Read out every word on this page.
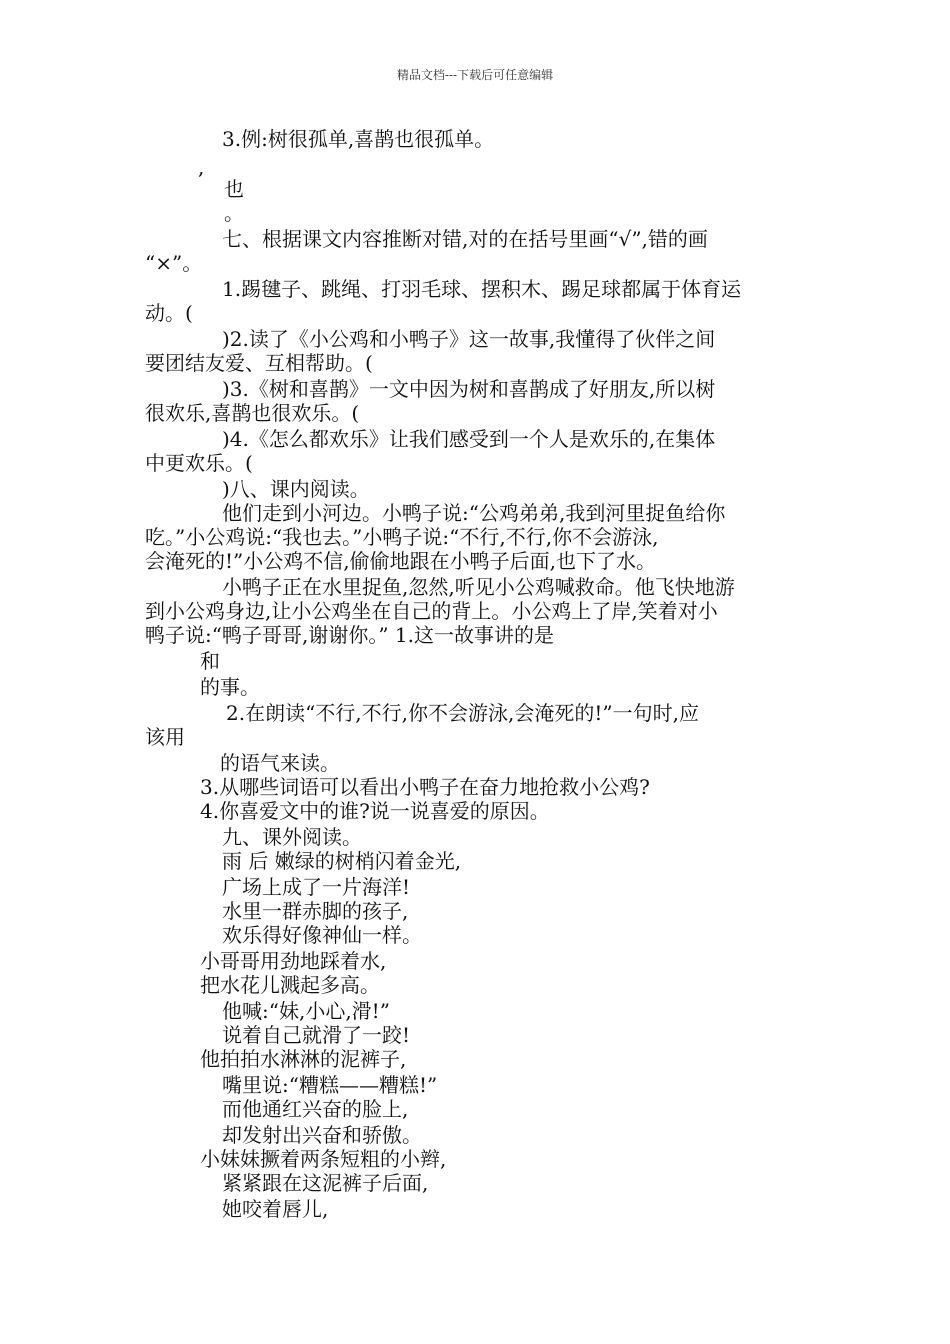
精品文档---下载后可任意编辑
3.例:树很孤单,喜鹊也很孤单。
,
也
。
七、根据课文内容推断对错,对的在括号里画“√”,错的画
“×”。
1.踢毽子、跳绳、打羽毛球、摆积木、踢足球都属于体育运
动。(
)2.读了《小公鸡和小鸭子》这一故事,我懂得了伙伴之间
要团结友爱、互相帮助。(
)3.《树和喜鹊》一文中因为树和喜鹊成了好朋友,所以树
很欢乐,喜鹊也很欢乐。(
)4.《怎么都欢乐》让我们感受到一个人是欢乐的,在集体
中更欢乐。(
)八、课内阅读。
他们走到小河边。小鸭子说:“公鸡弟弟,我到河里捉鱼给你
吃。”小公鸡说:“我也去。”小鸭子说:“不行,不行,你不会游泳,
会淹死的!”小公鸡不信,偷偷地跟在小鸭子后面,也下了水。
小鸭子正在水里捉鱼,忽然,听见小公鸡喊救命。他飞快地游
到小公鸡身边,让小公鸡坐在自己的背上。小公鸡上了岸,笑着对小
鸭子说:“鸭子哥哥,谢谢你。” 1.这一故事讲的是
和
的事。
2.在朗读“不行,不行,你不会游泳,会淹死的!”一句时,应
该用
的语气来读。
3.从哪些词语可以看出小鸭子在奋力地抢救小公鸡?
4.你喜爱文中的谁?说一说喜爱的原因。
九、课外阅读。
雨 后 嫩绿的树梢闪着金光,
广场上成了一片海洋!
水里一群赤脚的孩子,
欢乐得好像神仙一样。
小哥哥用劲地踩着水,
把水花儿溅起多高。
他喊:“妹,小心,滑!”
说着自己就滑了一跤!
他拍拍水淋淋的泥裤子,
嘴里说:“糟糕——糟糕!”
而他通红兴奋的脸上,
却发射出兴奋和骄傲。
小妹妹撅着两条短粗的小辫,
紧紧跟在这泥裤子后面,
她咬着唇儿,
